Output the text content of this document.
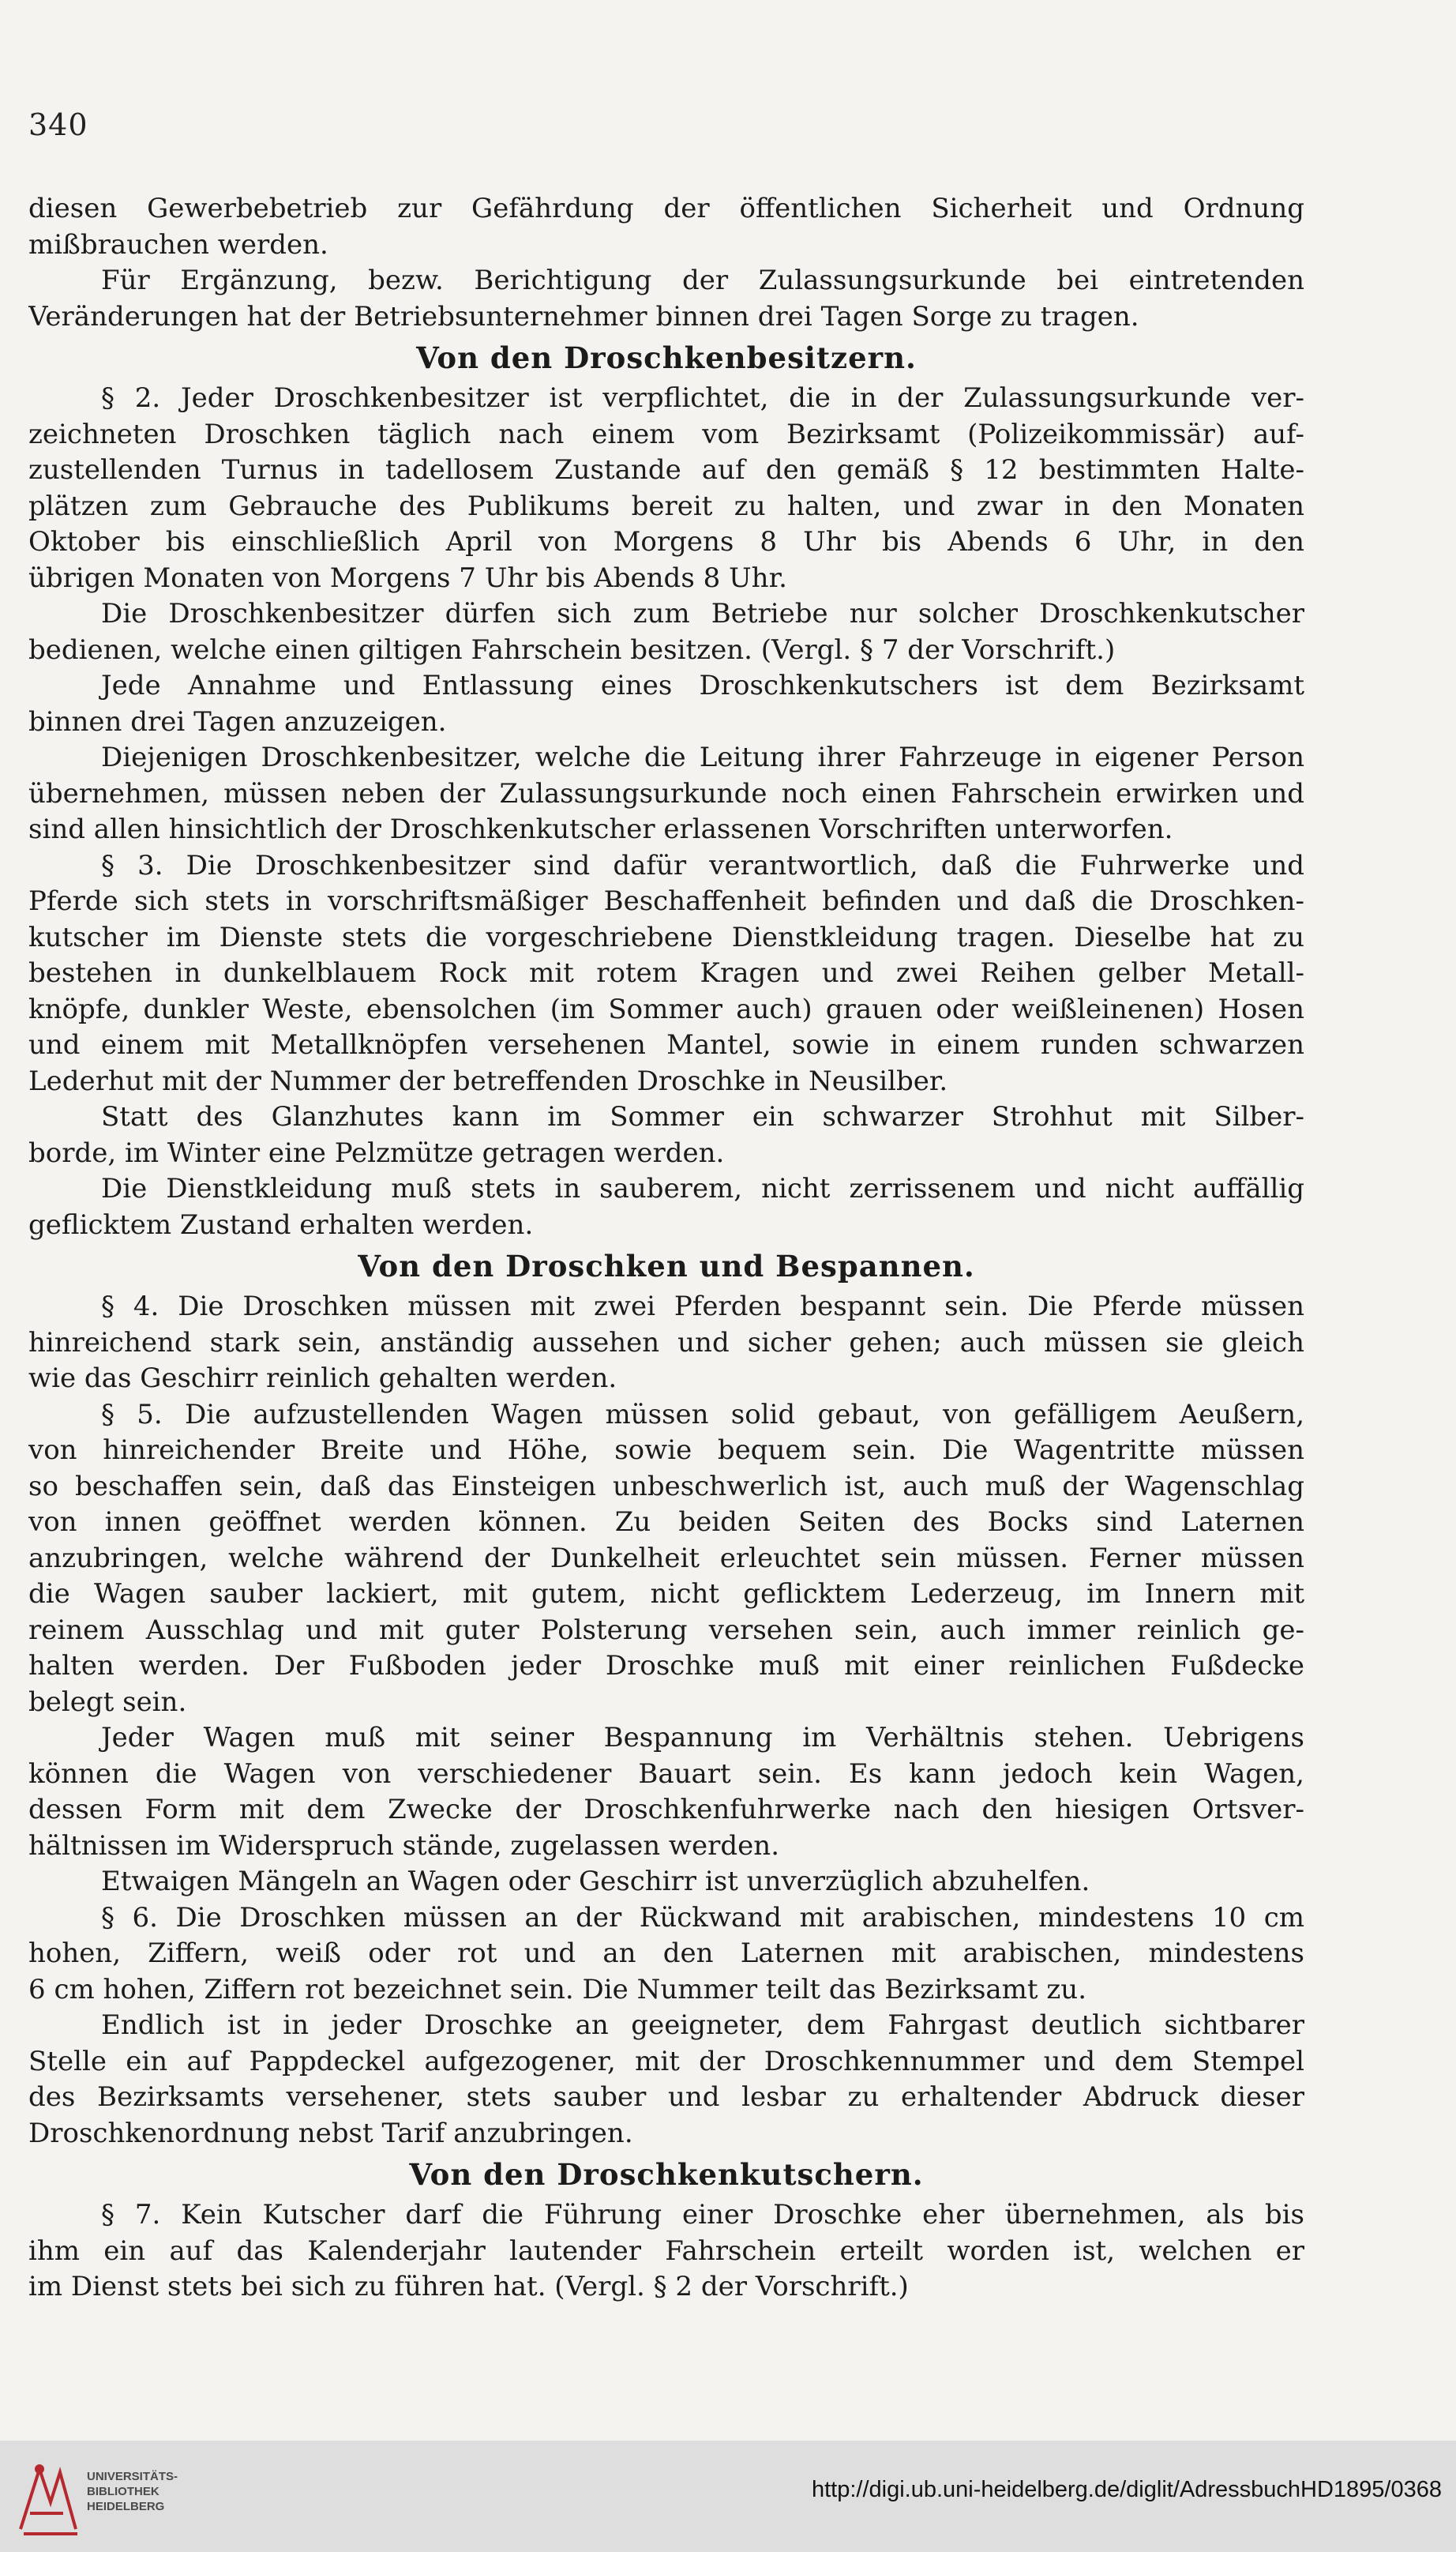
340
diesen Gewerbebetrieb zur Gefährdung der öffentlichen Sicherheit und Ordnung
mißbrauchen werden.
Für Ergänzung, bezw. Berichtigung der Zulassungsurkunde bei eintretenden
Veränderungen hat der Betriebsunternehmer binnen drei Tagen Sorge zu tragen.
Von den Droschkenbesitzern.
§ 2. Jeder Droschkenbesitzer ist verpflichtet, die in der Zulassungsurkunde ver-
zeichneten Droschken täglich nach einem vom Bezirksamt (Polizeikommissär) auf-
zustellenden Turnus in tadellosem Zustande auf den gemäß § 12 bestimmten Halte-
plätzen zum Gebrauche des Publikums bereit zu halten, und zwar in den Monaten
Oktober bis einschließlich April von Morgens 8 Uhr bis Abends 6 Uhr, in den
übrigen Monaten von Morgens 7 Uhr bis Abends 8 Uhr.
Die Droschkenbesitzer dürfen sich zum Betriebe nur solcher Droschkenkutscher
bedienen, welche einen giltigen Fahrschein besitzen. (Vergl. § 7 der Vorschrift.)
Jede Annahme und Entlassung eines Droschkenkutschers ist dem Bezirksamt
binnen drei Tagen anzuzeigen.
Diejenigen Droschkenbesitzer, welche die Leitung ihrer Fahrzeuge in eigener Person
übernehmen, müssen neben der Zulassungsurkunde noch einen Fahrschein erwirken und
sind allen hinsichtlich der Droschkenkutscher erlassenen Vorschriften unterworfen.
§ 3. Die Droschkenbesitzer sind dafür verantwortlich, daß die Fuhrwerke und
Pferde sich stets in vorschriftsmäßiger Beschaffenheit befinden und daß die Droschken-
kutscher im Dienste stets die vorgeschriebene Dienstkleidung tragen. Dieselbe hat zu
bestehen in dunkelblauem Rock mit rotem Kragen und zwei Reihen gelber Metall-
knöpfe, dunkler Weste, ebensolchen (im Sommer auch) grauen oder weißleinenen) Hosen
und einem mit Metallknöpfen versehenen Mantel, sowie in einem runden schwarzen
Lederhut mit der Nummer der betreffenden Droschke in Neusilber.
Statt des Glanzhutes kann im Sommer ein schwarzer Strohhut mit Silber-
borde, im Winter eine Pelzmütze getragen werden.
Die Dienstkleidung muß stets in sauberem, nicht zerrissenem und nicht auffällig
geflicktem Zustand erhalten werden.
Von den Droschken und Bespannen.
§ 4. Die Droschken müssen mit zwei Pferden bespannt sein. Die Pferde müssen
hinreichend stark sein, anständig aussehen und sicher gehen; auch müssen sie gleich
wie das Geschirr reinlich gehalten werden.
§ 5. Die aufzustellenden Wagen müssen solid gebaut, von gefälligem Aeußern,
von hinreichender Breite und Höhe, sowie bequem sein. Die Wagentritte müssen
so beschaffen sein, daß das Einsteigen unbeschwerlich ist, auch muß der Wagenschlag
von innen geöffnet werden können. Zu beiden Seiten des Bocks sind Laternen
anzubringen, welche während der Dunkelheit erleuchtet sein müssen. Ferner müssen
die Wagen sauber lackiert, mit gutem, nicht geflicktem Lederzeug, im Innern mit
reinem Ausschlag und mit guter Polsterung versehen sein, auch immer reinlich ge-
halten werden. Der Fußboden jeder Droschke muß mit einer reinlichen Fußdecke
belegt sein.
Jeder Wagen muß mit seiner Bespannung im Verhältnis stehen. Uebrigens
können die Wagen von verschiedener Bauart sein. Es kann jedoch kein Wagen,
dessen Form mit dem Zwecke der Droschkenfuhrwerke nach den hiesigen Ortsver-
hältnissen im Widerspruch stände, zugelassen werden.
Etwaigen Mängeln an Wagen oder Geschirr ist unverzüglich abzuhelfen.
§ 6. Die Droschken müssen an der Rückwand mit arabischen, mindestens 10 cm
hohen, Ziffern, weiß oder rot und an den Laternen mit arabischen, mindestens
6 cm hohen, Ziffern rot bezeichnet sein. Die Nummer teilt das Bezirksamt zu.
Endlich ist in jeder Droschke an geeigneter, dem Fahrgast deutlich sichtbarer
Stelle ein auf Pappdeckel aufgezogener, mit der Droschkennummer und dem Stempel
des Bezirksamts versehener, stets sauber und lesbar zu erhaltender Abdruck dieser
Droschkenordnung nebst Tarif anzubringen.
Von den Droschkenkutschern.
§ 7. Kein Kutscher darf die Führung einer Droschke eher übernehmen, als bis
ihm ein auf das Kalenderjahr lautender Fahrschein erteilt worden ist, welchen er
im Dienst stets bei sich zu führen hat. (Vergl. § 2 der Vorschrift.)
UNIVERSITÄTS-
BIBLIOTHEK
HEIDELBERG
http://digi.ub.uni-heidelberg.de/diglit/AdressbuchHD1895/0368
